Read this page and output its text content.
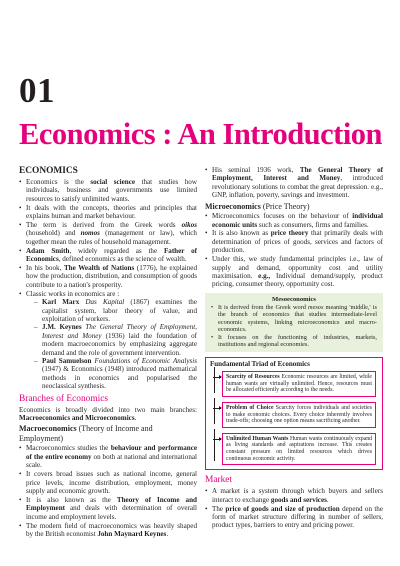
01
Economics : An Introduction
ECONOMICS
• Economics is the social science that studies how individuals, business and governments use limited resources to satisfy unlimited wants.
• It deals with the concepts, theories and principles that explains human and market behaviour.
• The term is derived from the Greek words oikos (household) and nomos (management or law), which together mean the rules of household management.
• Adam Smith, widely regarded as the Father of Economics, defined economics as the science of wealth.
• In his book, The Wealth of Nations (1776), he explained how the production, distribution, and consumption of goods contribute to a nation's prosperity.
• Classic works in economics are :
– Karl Marx Das Kapital (1867) examines the capitalist system, labor theory of value, and exploitation of workers.
– J.M. Keynes The General Theory of Employment, Interest and Money (1936) laid the foundation of modern macroeconomics by emphasizing aggregate demand and the role of government intervention.
– Paul Samuelson Foundations of Economic Analysis (1947) & Economics (1948) introduced mathematical methods in economics and popularised the neoclassical synthesis.
Branches of Economics

Economics is broadly divided into two main branches: Macroeconomics and Microeconomics.

Macroeconomics (Theory of Income and Employment)
• Macroeconomics studies the behaviour and performance of the entire economy on both at national and international scale.
• It covers broad issues such as national income, general price levels, income distribution, employment, money supply and economic growth.
• It is also known as the Theory of Income and Employment and deals with determination of overall income and employment levels.
• The modern field of macroeconomics was heavily shaped by the British economist John Maynard Keynes.
• His seminal 1936 work, The General Theory of Employment, Interest and Money, introduced revolutionary solutions to combat the great depression. e.g., GNP, inflation, poverty, savings and investment.
Microeconomics (Price Theory)
• Microeconomics focuses on the behaviour of individual economic units such as consumers, firms and families.
• It is also known as price theory that primarily deals with determination of prices of goods, services and factors of production.
• Under this, we study fundamental principles i.e., law of supply and demand, opportunity cost and utility maximisation. e.g., Individual demand/supply, product pricing, consumer theory, opportunity cost.
Mesoeconomics
• It is derived from the Greek word mesos meaning 'middle,' is the branch of economics that studies intermediate-level economic systems, linking microeconomics and macro-economics.
• It focuses on the functioning of industries, markets, institutions and regional economies.
Fundamental Triad of Economics
Scarcity of Resources Economic resources are limited, while human wants are virtually unlimited. Hence, resources must be allocated efficiently according to the needs.
Problem of Choice Scarcity forces individuals and societies to make economic choices. Every choice inherently involves trade-offs; choosing one option means sacrificing another.
Unlimited Human Wants Human wants continuously expand as living standards and aspirations increase. This creates constant pressure on limited resources which drives continuous economic activity.
Market
• A market is a system through which buyers and sellers interact to exchange goods and services.
• The price of goods and size of production depend on the form of market structure differing in number of sellers, product types, barriers to entry and pricing power.
